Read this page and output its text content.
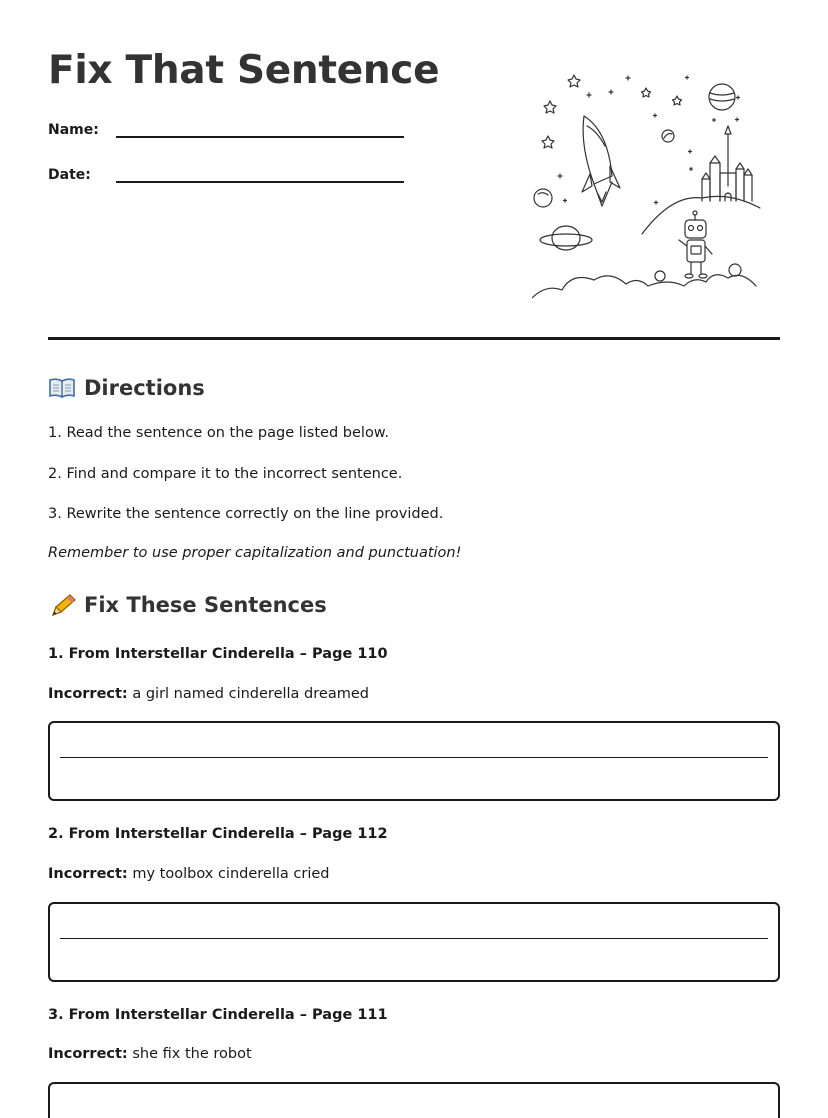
Fix That Sentence
Name:
Date:
Directions

1. Read the sentence on the page listed below.

2. Find and compare it to the incorrect sentence.

3. Rewrite the sentence correctly on the line provided.

Remember to use proper capitalization and punctuation!

Fix These Sentences

1. From Interstellar Cinderella – Page 110

Incorrect: a girl named cinderella dreamed

2. From Interstellar Cinderella – Page 112

Incorrect: my toolbox cinderella cried

3. From Interstellar Cinderella – Page 111

Incorrect: she fix the robot
